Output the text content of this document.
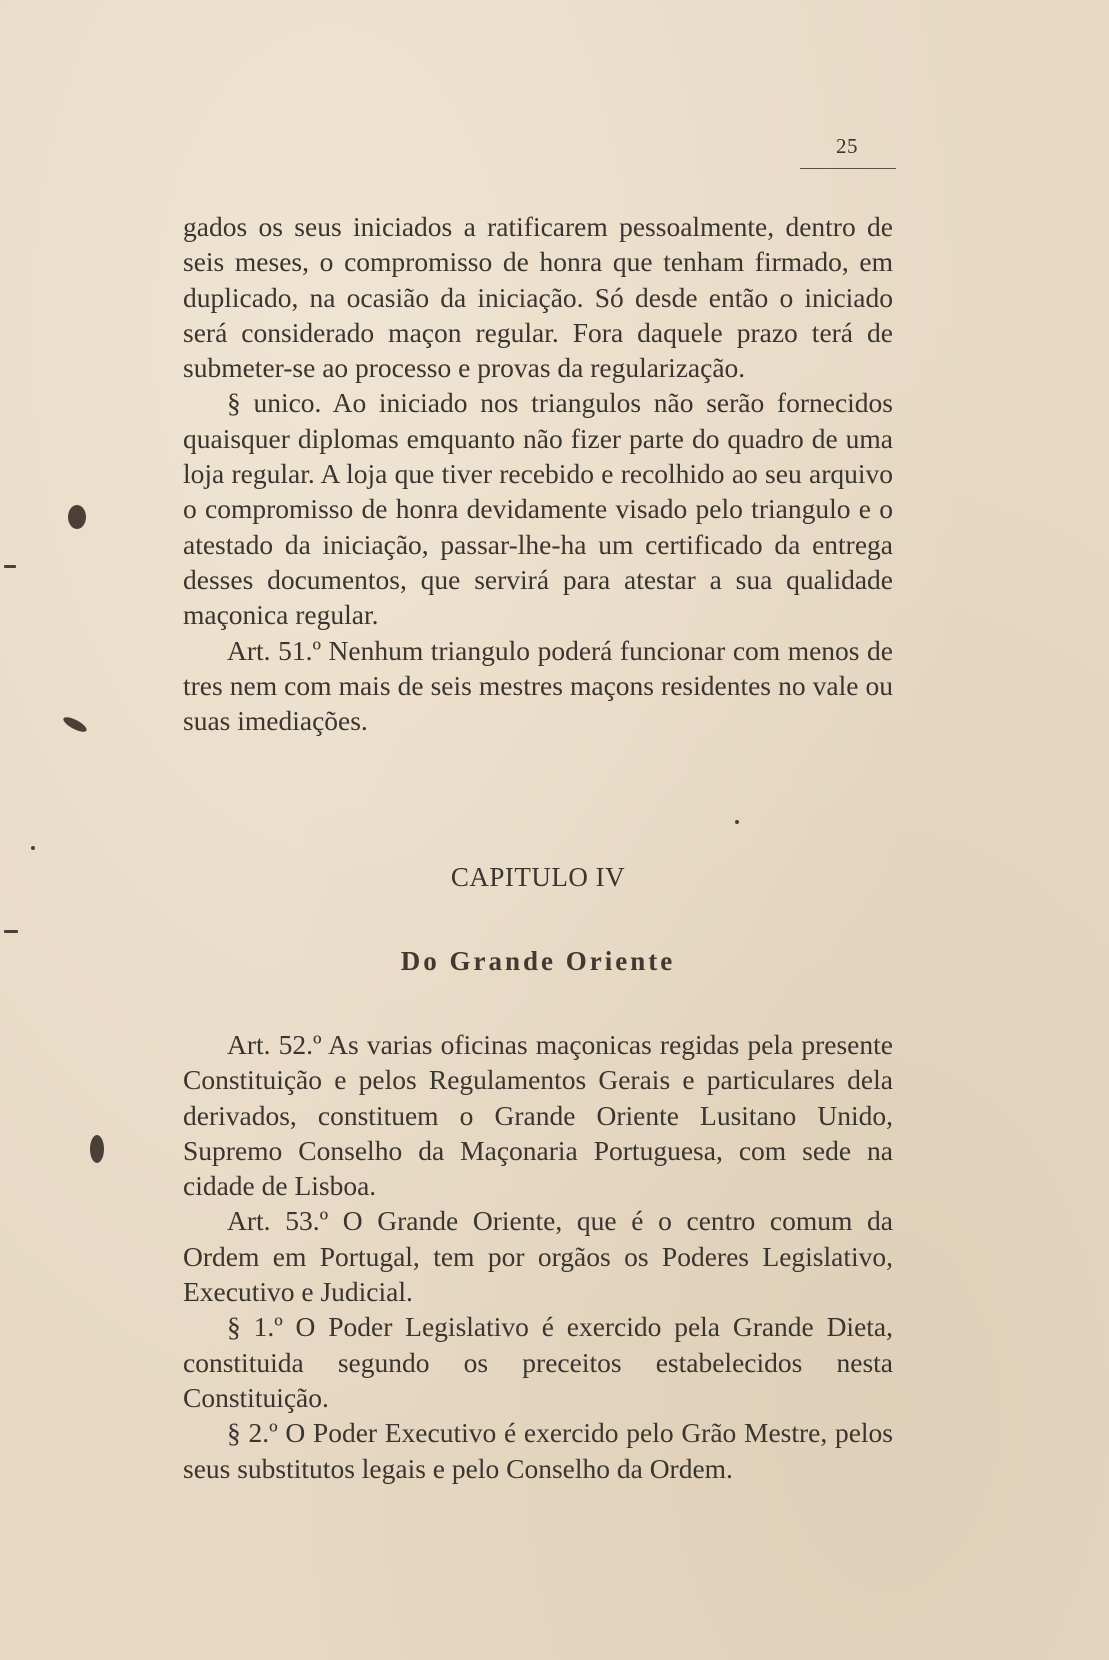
25

gados os seus iniciados a ratificarem pessoalmente, dentro de seis meses, o compromisso de honra que tenham firmado, em duplicado, na ocasião da iniciação. Só desde então o iniciado será considerado maçon regular. Fora daquele prazo terá de submeter-se ao processo e provas da regularização.

§ unico. Ao iniciado nos triangulos não serão fornecidos quaisquer diplomas emquanto não fizer parte do quadro de uma loja regular. A loja que tiver recebido e recolhido ao seu arquivo o compromisso de honra devidamente visado pelo triangulo e o atestado da iniciação, passar-lhe-ha um certificado da entrega desses documentos, que servirá para atestar a sua qualidade maçonica regular.

Art. 51.º Nenhum triangulo poderá funcionar com menos de tres nem com mais de seis mestres maçons residentes no vale ou suas imediações.

CAPITULO IV
Do Grande Oriente

Art. 52.º As varias oficinas maçonicas regidas pela presente Constituição e pelos Regulamentos Gerais e particulares dela derivados, constituem o Grande Oriente Lusitano Unido, Supremo Conselho da Maçonaria Portuguesa, com sede na cidade de Lisboa.

Art. 53.º O Grande Oriente, que é o centro comum da Ordem em Portugal, tem por orgãos os Poderes Legislativo, Executivo e Judicial.

§ 1.º O Poder Legislativo é exercido pela Grande Dieta, constituida segundo os preceitos estabelecidos nesta Constituição.

§ 2.º O Poder Executivo é exercido pelo Grão Mestre, pelos seus substitutos legais e pelo Conselho da Ordem.
